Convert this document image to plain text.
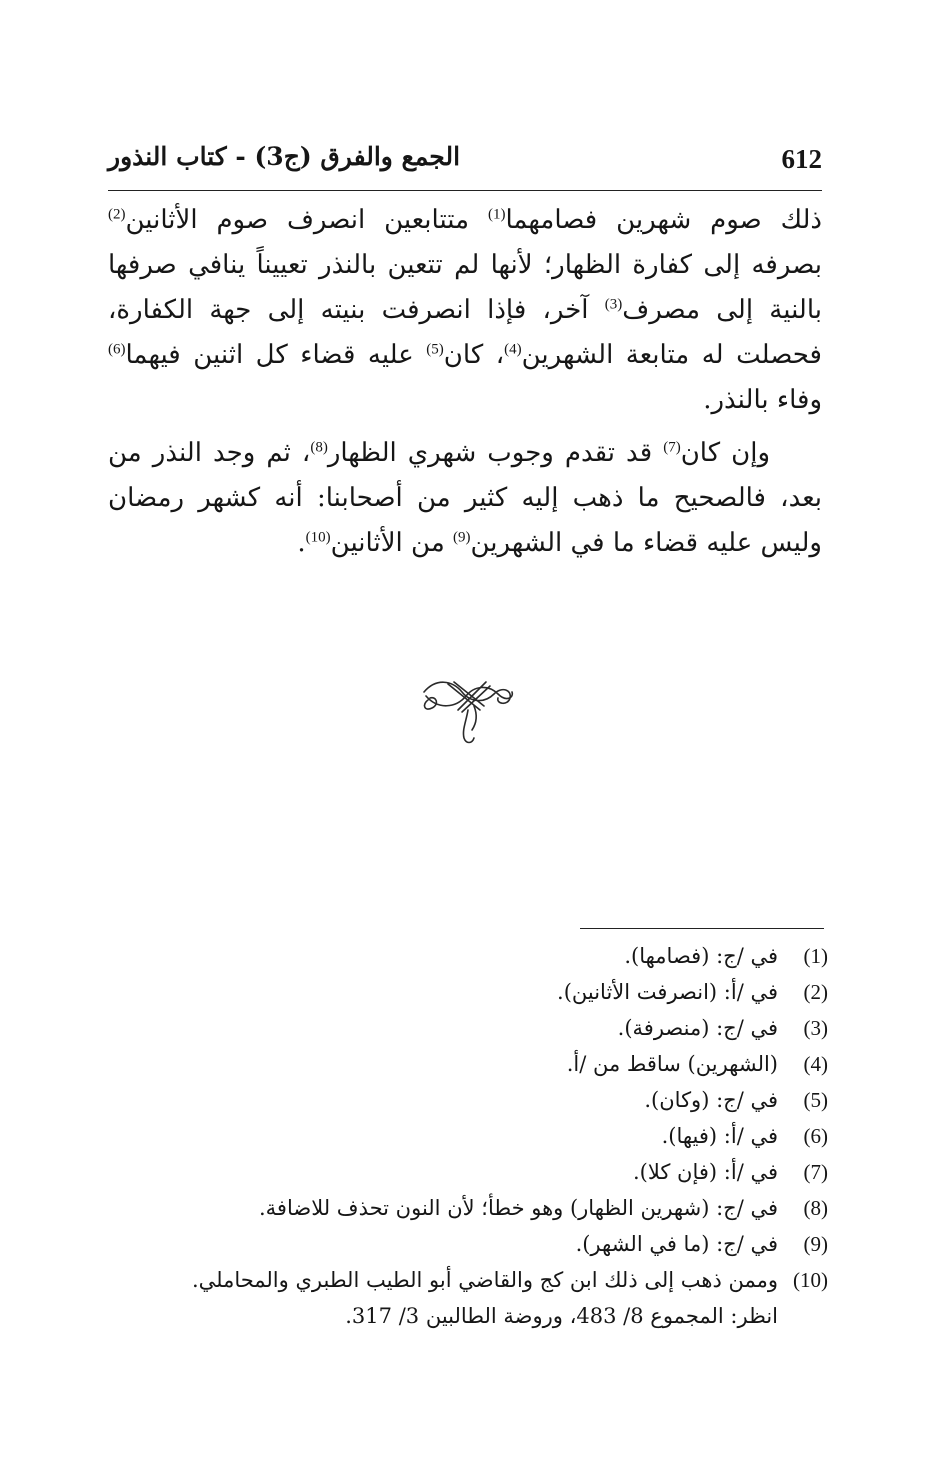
612
الجمع والفرق (ج3) - كتاب النذور

ذلك صوم شهرين فصامهما$^{(1)}$ متتابعين انصرف صوم الأثانين$^{(2)}$ بصرفه إلى كفارة الظهار؛ لأنها لم تتعين بالنذر تعييناً ينافي صرفها بالنية إلى مصرف$^{(3)}$ آخر، فإذا انصرفت بنيته إلى جهة الكفارة، فحصلت له متابعة الشهرين$^{(4)}$، كان$^{(5)}$ عليه قضاء كل اثنين فيهما$^{(6)}$ وفاء بالنذر.

وإن كان$^{(7)}$ قد تقدم وجوب شهري الظهار$^{(8)}$، ثم وجد النذر من بعد، فالصحيح ما ذهب إليه كثير من أصحابنا: أنه كشهر رمضان وليس عليه قضاء ما في الشهرين$^{(9)}$ من الأثانين$^{(10)}$.

(1)
في /ج: (فصامها).
(2)
في /أ: (انصرفت الأثانين).
(3)
في /ج: (منصرفة).
(4)
(الشهرين) ساقط من /أ.
(5)
في /ج: (وكان).
(6)
في /أ: (فيها).
(7)
في /أ: (فإن كلا).
(8)
في /ج: (شهرين الظهار) وهو خطأ؛ لأن النون تحذف للاضافة.
(9)
في /ج: (ما في الشهر).
(10)
وممن ذهب إلى ذلك ابن كج والقاضي أبو الطيب الطبري والمحاملي.
انظر: المجموع 8/ 483، وروضة الطالبين 3/ 317.
